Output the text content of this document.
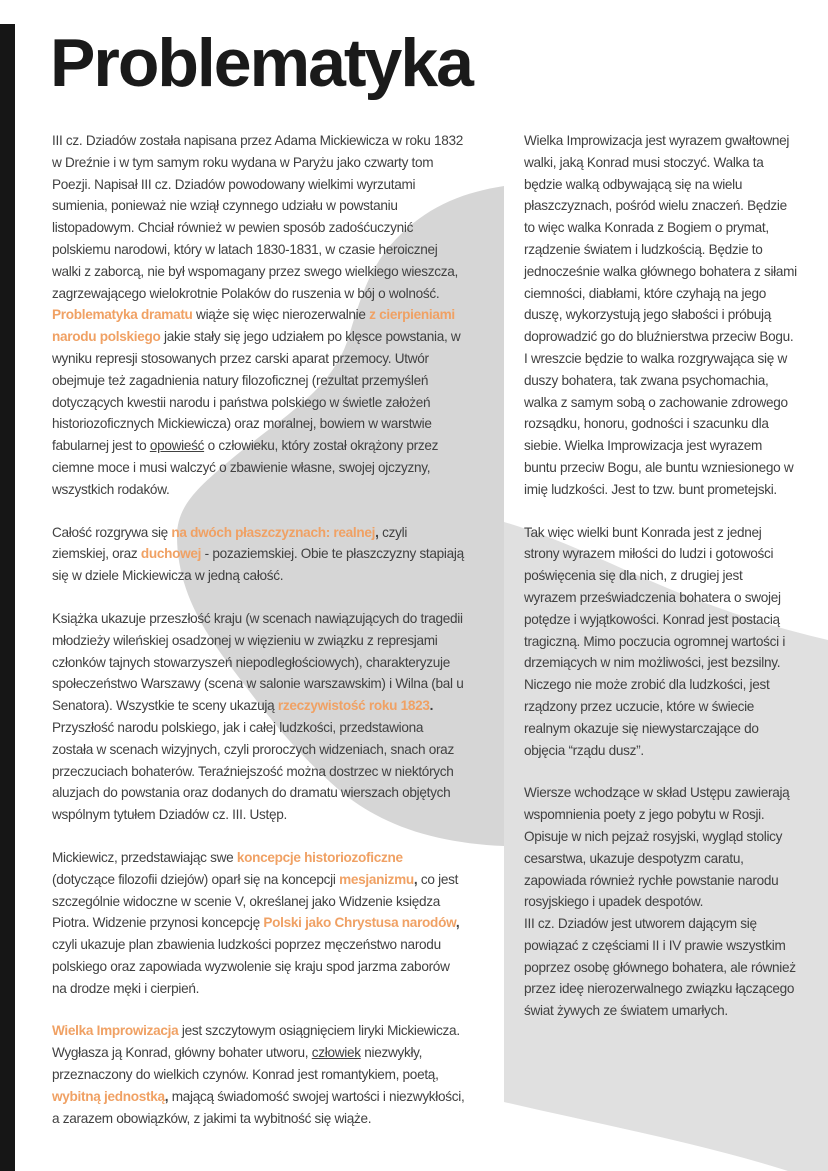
Problematyka

III cz. Dziadów została napisana przez Adama Mickiewicza w roku 1832 w Dreźnie i w tym samym roku wydana w Paryżu jako czwarty tom Poezji. Napisał III cz. Dziadów powodowany wielkimi wyrzutami sumienia, ponieważ nie wziął czynnego udziału w powstaniu listopadowym. Chciał również w pewien sposób zadośćuczynić polskiemu narodowi, który w latach 1830-1831, w czasie heroicznej walki z zaborcą, nie był wspomagany przez swego wielkiego wieszcza, zagrzewającego wielokrotnie Polaków do ruszenia w bój o wolność. Problematyka dramatu wiąże się więc nierozerwalnie z cierpieniami narodu polskiego jakie stały się jego udziałem po klęsce powstania, w wyniku represji stosowanych przez carski aparat przemocy. Utwór obejmuje też zagadnienia natury filozoficznej (rezultat przemyśleń dotyczących kwestii narodu i państwa polskiego w świetle założeń historiozoficznych Mickiewicza) oraz moralnej, bowiem w warstwie fabularnej jest to opowieść o człowieku, który został okrążony przez ciemne moce i musi walczyć o zbawienie własne, swojej ojczyzny, wszystkich rodaków.

Całość rozgrywa się na dwóch płaszczyznach: realnej, czyli ziemskiej, oraz duchowej - pozaziemskiej. Obie te płaszczyzny stapiają się w dziele Mickiewicza w jedną całość.

Książka ukazuje przeszłość kraju (w scenach nawiązujących do tragedii młodzieży wileńskiej osadzonej w więzieniu w związku z represjami członków tajnych stowarzyszeń niepodległościowych), charakteryzuje społeczeństwo Warszawy (scena w salonie warszawskim) i Wilna (bal u Senatora). Wszystkie te sceny ukazują rzeczywistość roku 1823. Przyszłość narodu polskiego, jak i całej ludzkości, przedstawiona została w scenach wizyjnych, czyli proroczych widzeniach, snach oraz przeczuciach bohaterów. Teraźniejszość można dostrzec w niektórych aluzjach do powstania oraz dodanych do dramatu wierszach objętych wspólnym tytułem Dziadów cz. III. Ustęp.

Mickiewicz, przedstawiając swe koncepcje historiozoficzne (dotyczące filozofii dziejów) oparł się na koncepcji mesjanizmu, co jest szczególnie widoczne w scenie V, określanej jako Widzenie księdza Piotra. Widzenie przynosi koncepcję Polski jako Chrystusa narodów, czyli ukazuje plan zbawienia ludzkości poprzez męczeństwo narodu polskiego oraz zapowiada wyzwolenie się kraju spod jarzma zaborów na drodze męki i cierpień.

Wielka Improwizacja jest szczytowym osiągnięciem liryki Mickiewicza. Wygłasza ją Konrad, główny bohater utworu, człowiek niezwykły, przeznaczony do wielkich czynów. Konrad jest romantykiem, poetą, wybitną jednostką, mającą świadomość swojej wartości i niezwykłości, a zarazem obowiązków, z jakimi ta wybitność się wiąże.

Wielka Improwizacja jest wyrazem gwałtownej walki, jaką Konrad musi stoczyć. Walka ta będzie walką odbywającą się na wielu płaszczyznach, pośród wielu znaczeń. Będzie to więc walka Konrada z Bogiem o prymat, rządzenie światem i ludzkością. Będzie to jednocześnie walka głównego bohatera z siłami ciemności, diabłami, które czyhają na jego duszę, wykorzystują jego słabości i próbują doprowadzić go do bluźnierstwa przeciw Bogu. I wreszcie będzie to walka rozgrywająca się w duszy bohatera, tak zwana psychomachia, walka z samym sobą o zachowanie zdrowego rozsądku, honoru, godności i szacunku dla siebie. Wielka Improwizacja jest wyrazem buntu przeciw Bogu, ale buntu wzniesionego w imię ludzkości. Jest to tzw. bunt prometejski.

Tak więc wielki bunt Konrada jest z jednej strony wyrazem miłości do ludzi i gotowości poświęcenia się dla nich, z drugiej jest wyrazem przeświadczenia bohatera o swojej potędze i wyjątkowości. Konrad jest postacią tragiczną. Mimo poczucia ogromnej wartości i drzemiących w nim możliwości, jest bezsilny. Niczego nie może zrobić dla ludzkości, jest rządzony przez uczucie, które w świecie realnym okazuje się niewystarczające do objęcia “rządu dusz”.

Wiersze wchodzące w skład Ustępu zawierają wspomnienia poety z jego pobytu w Rosji. Opisuje w nich pejzaż rosyjski, wygląd stolicy cesarstwa, ukazuje despotyzm caratu, zapowiada również rychłe powstanie narodu rosyjskiego i upadek despotów.
III cz. Dziadów jest utworem dającym się powiązać z częściami II i IV prawie wszystkim poprzez osobę głównego bohatera, ale również przez ideę nierozerwalnego związku łączącego świat żywych ze światem umarłych.
